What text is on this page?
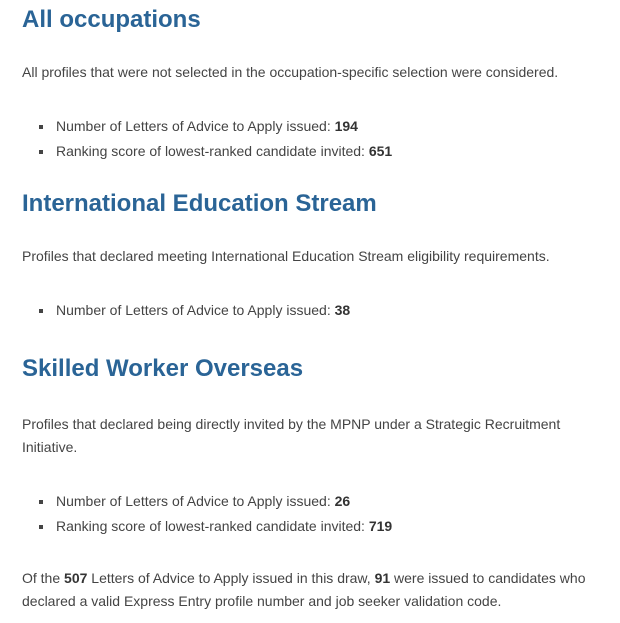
All occupations

All profiles that were not selected in the occupation-specific selection were considered.

▪ Number of Letters of Advice to Apply issued: 194
▪ Ranking score of lowest-ranked candidate invited: 651
International Education Stream

Profiles that declared meeting International Education Stream eligibility requirements.

▪ Number of Letters of Advice to Apply issued: 38
Skilled Worker Overseas

Profiles that declared being directly invited by the MPNP under a Strategic Recruitment Initiative.

▪ Number of Letters of Advice to Apply issued: 26
▪ Ranking score of lowest-ranked candidate invited: 719

Of the 507 Letters of Advice to Apply issued in this draw, 91 were issued to candidates who declared a valid Express Entry profile number and job seeker validation code.
